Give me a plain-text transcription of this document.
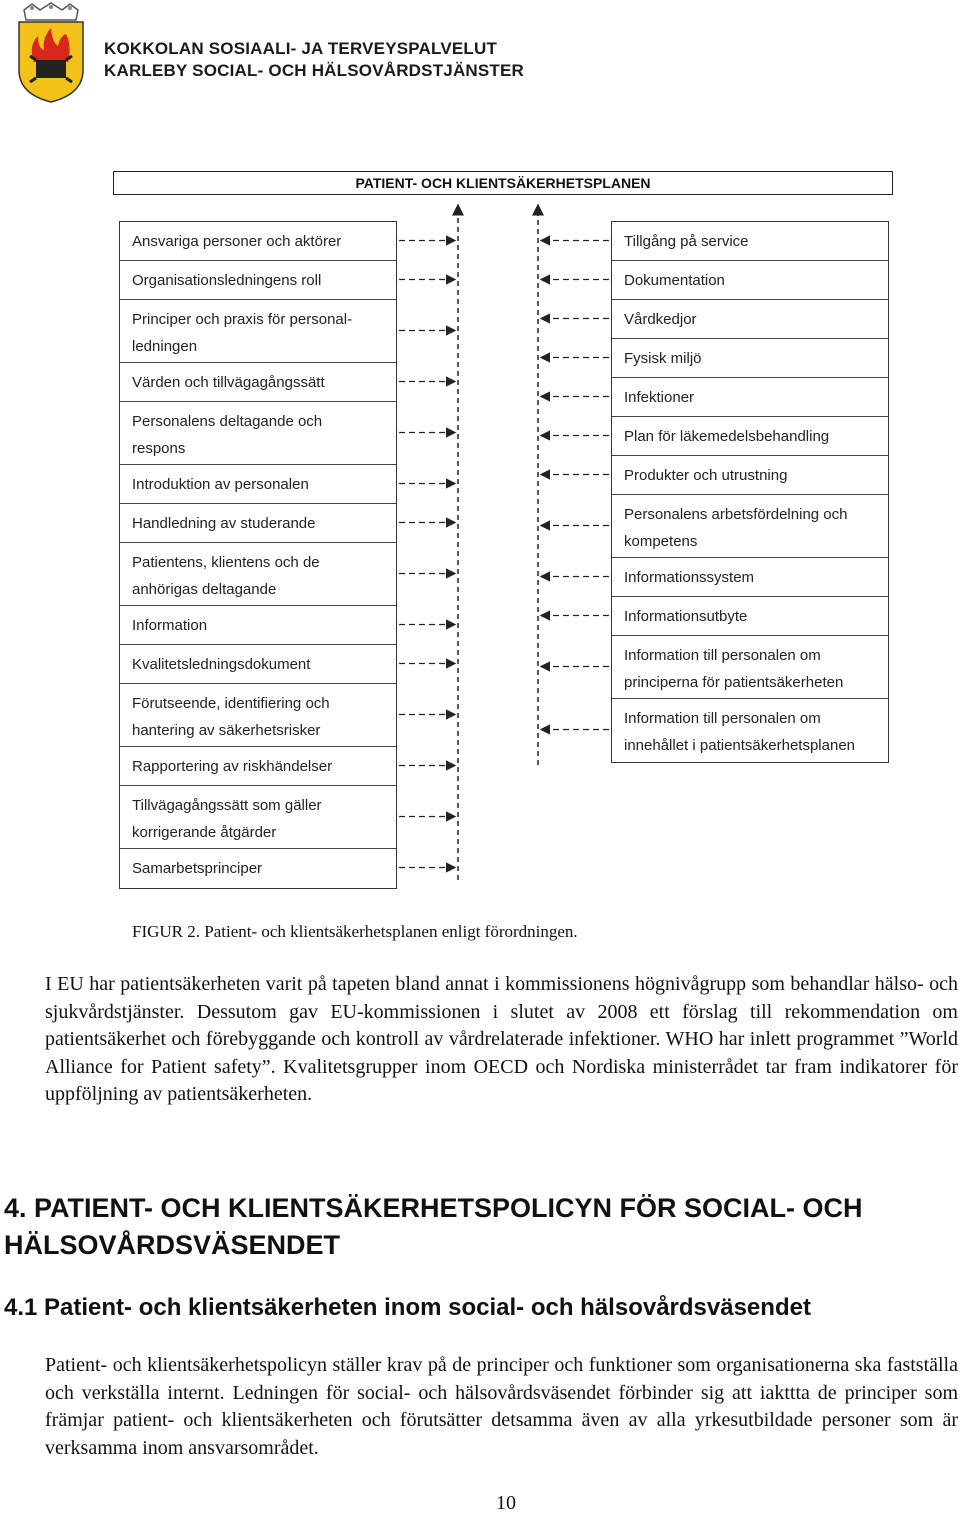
KOKKOLAN SOSIAALI- JA TERVEYSPALVELUT
KARLEBY SOCIAL- OCH HÄLSOVÅRDSTJÄNSTER
PATIENT- OCH KLIENTSÄKERHETSPLANEN
Ansvariga personer och aktörer
Organisationsledningens roll
Principer och praxis för personal-
ledningen
Värden och tillvägagångssätt
Personalens deltagande och
respons
Introduktion av personalen
Handledning av studerande
Patientens, klientens och de
anhörigas deltagande
Information
Kvalitetsledningsdokument
Förutseende, identifiering och
hantering av säkerhetsrisker
Rapportering av riskhändelser
Tillvägagångssätt som gäller
korrigerande åtgärder
Samarbetsprinciper
Tillgång på service
Dokumentation
Vårdkedjor
Fysisk miljö
Infektioner
Plan för läkemedelsbehandling
Produkter och utrustning
Personalens arbetsfördelning och
kompetens
Informationssystem
Informationsutbyte
Information till personalen om
principerna för patientsäkerheten
Information till personalen om
innehållet i patientsäkerhetsplanen
FIGUR 2. Patient- och klientsäkerhetsplanen enligt förordningen.
I EU har patientsäkerheten varit på tapeten bland annat i kommissionens högnivågrupp som behandlar hälso- och sjukvårdstjänster. Dessutom gav EU-kommissionen i slutet av 2008 ett förslag till rekommendation om patientsäkerhet och förebyggande och kontroll av vårdrelaterade infektioner. WHO har inlett programmet ”World Alliance for Patient safety”. Kvalitetsgrupper inom OECD och Nordiska ministerrådet tar fram indikatorer för uppföljning av patientsäkerheten.
4. PATIENT- OCH KLIENTSÄKERHETSPOLICYN FÖR SOCIAL- OCH HÄLSOVÅRDSVÄSENDET
4.1 Patient- och klientsäkerheten inom social- och hälsovårdsväsendet
Patient- och klientsäkerhetspolicyn ställer krav på de principer och funktioner som organisationerna ska fastställa och verkställa internt. Ledningen för social- och hälsovårdsväsendet förbinder sig att iakttta de principer som främjar patient- och klientsäkerheten och förutsätter detsamma även av alla yrkesutbildade personer som är verksamma inom ansvarsområdet.
10
